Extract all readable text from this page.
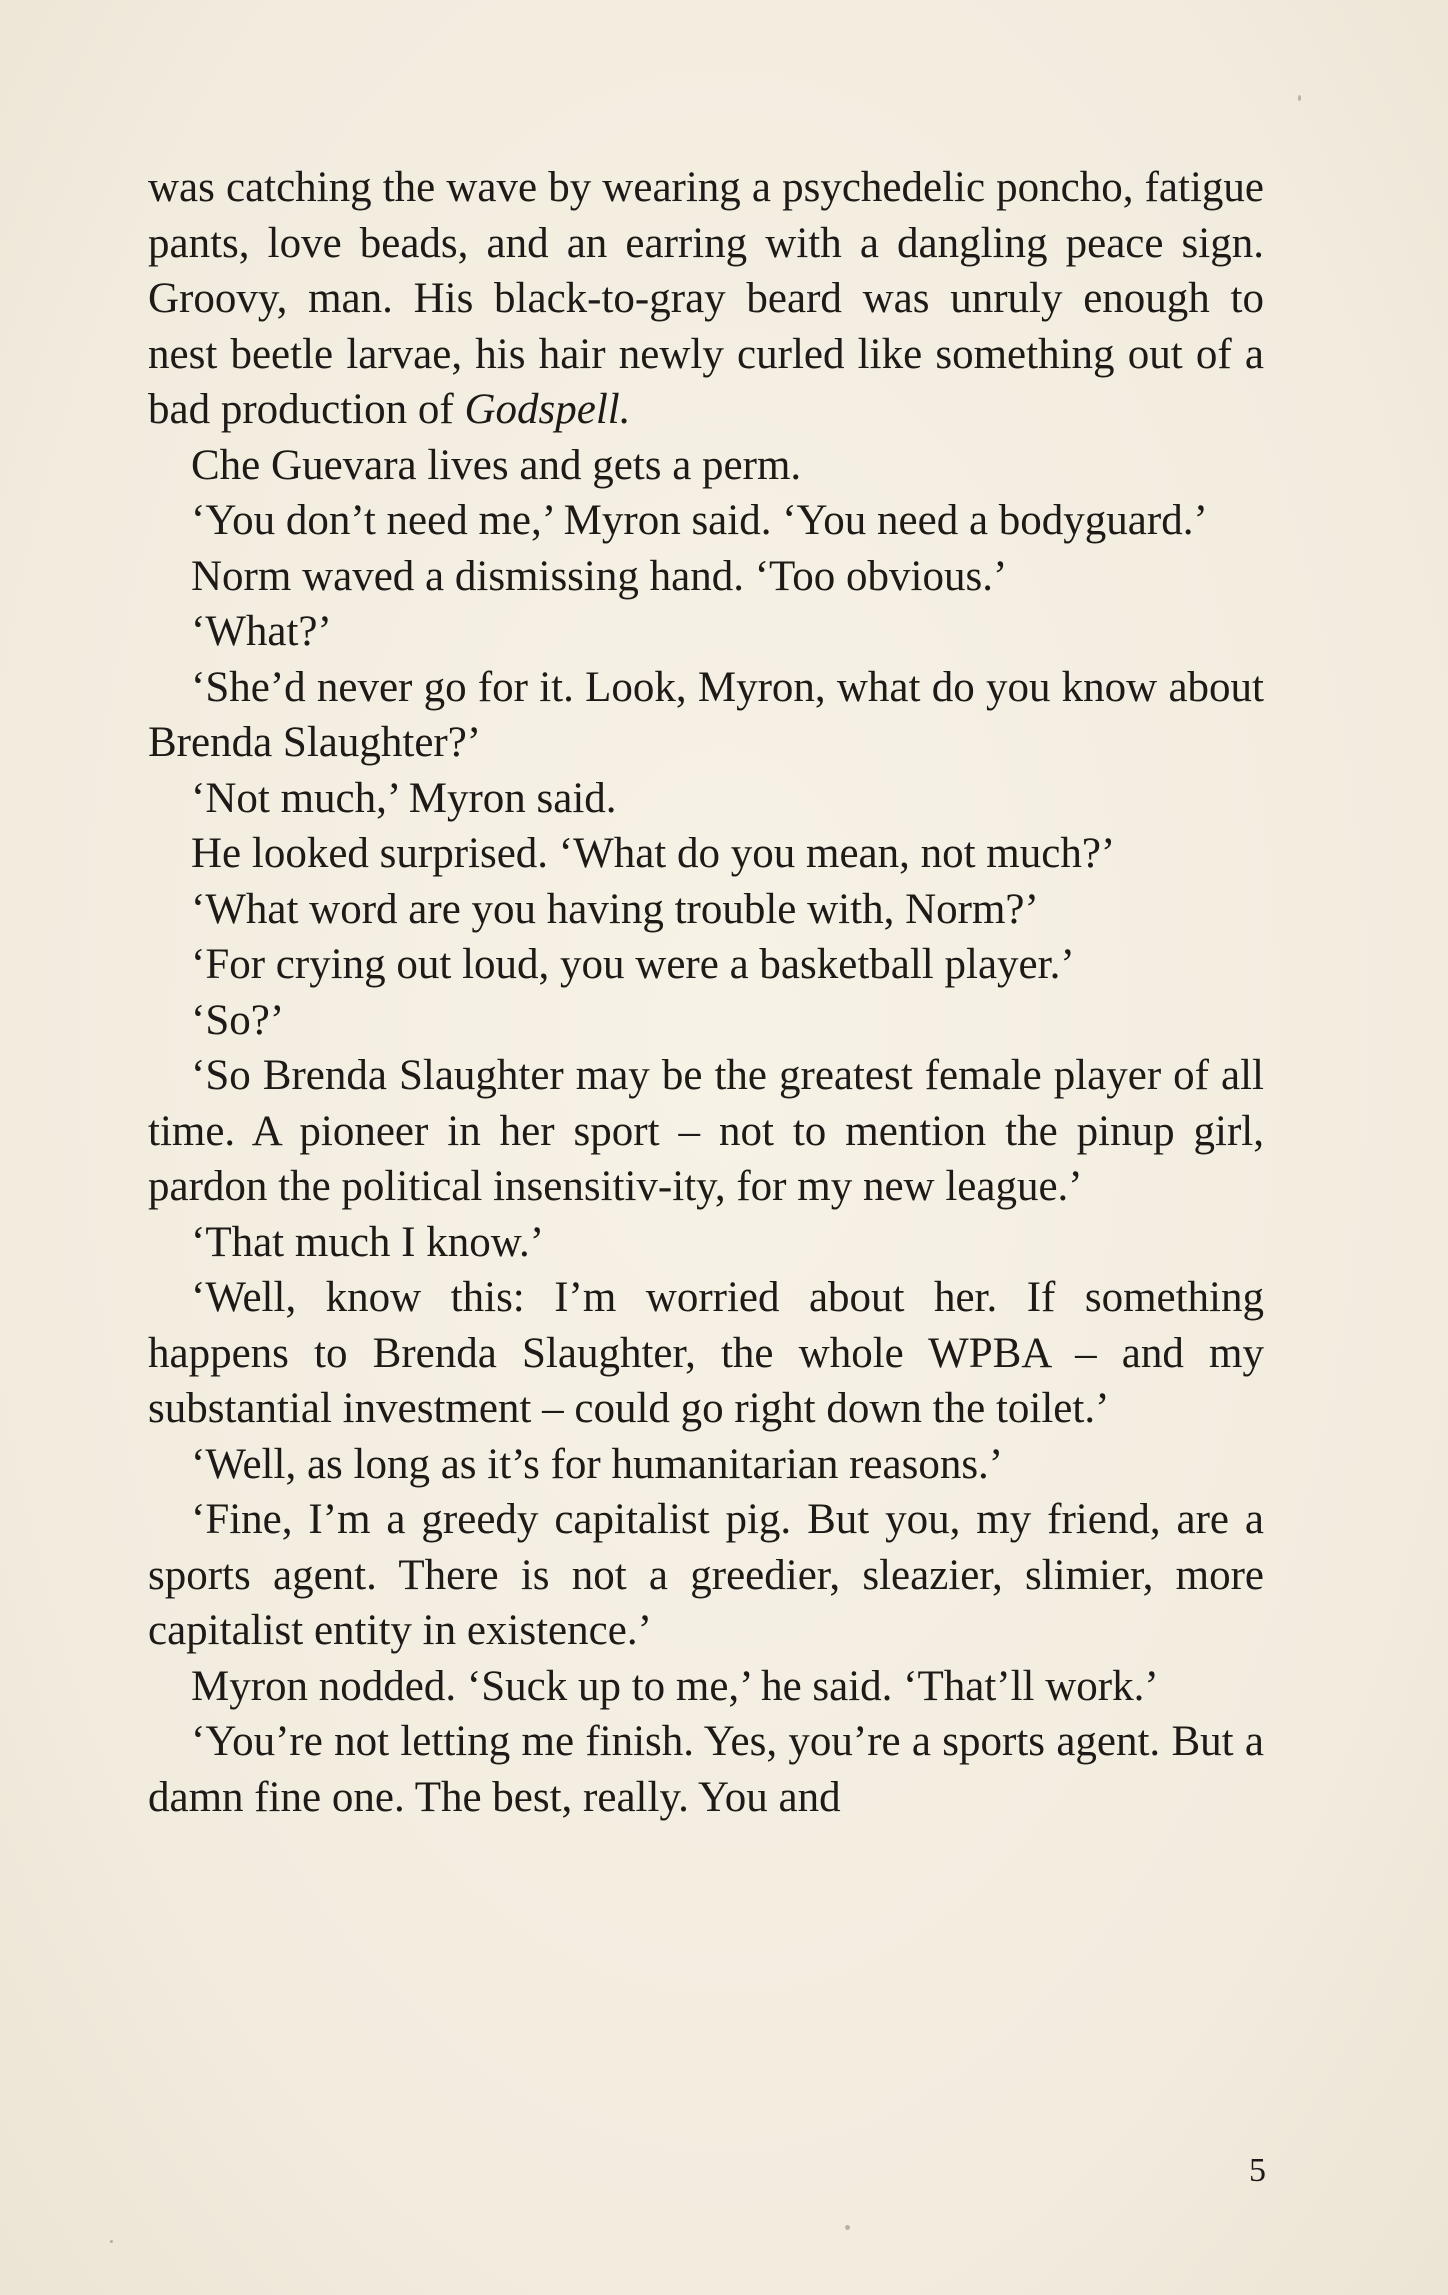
was catching the wave by wearing a psychedelic poncho, fatigue pants, love beads, and an earring with a dangling peace sign. Groovy, man. His black-to-gray beard was unruly enough to nest beetle larvae, his hair newly curled like something out of a bad production of Godspell.

Che Guevara lives and gets a perm.

‘You don’t need me,’ Myron said. ‘You need a bodyguard.’

Norm waved a dismissing hand. ‘Too obvious.’

‘What?’

‘She’d never go for it. Look, Myron, what do you know about Brenda Slaughter?’

‘Not much,’ Myron said.

He looked surprised. ‘What do you mean, not much?’

‘What word are you having trouble with, Norm?’

‘For crying out loud, you were a basketball player.’

‘So?’

‘So Brenda Slaughter may be the greatest female player of all time. A pioneer in her sport – not to mention the pinup girl, pardon the political insensitiv-ity, for my new league.’

‘That much I know.’

‘Well, know this: I’m worried about her. If something happens to Brenda Slaughter, the whole WPBA – and my substantial investment – could go right down the toilet.’

‘Well, as long as it’s for humanitarian reasons.’

‘Fine, I’m a greedy capitalist pig. But you, my friend, are a sports agent. There is not a greedier, sleazier, slimier, more capitalist entity in existence.’

Myron nodded. ‘Suck up to me,’ he said. ‘That’ll work.’

‘You’re not letting me finish. Yes, you’re a sports agent. But a damn fine one. The best, really. You and

5
